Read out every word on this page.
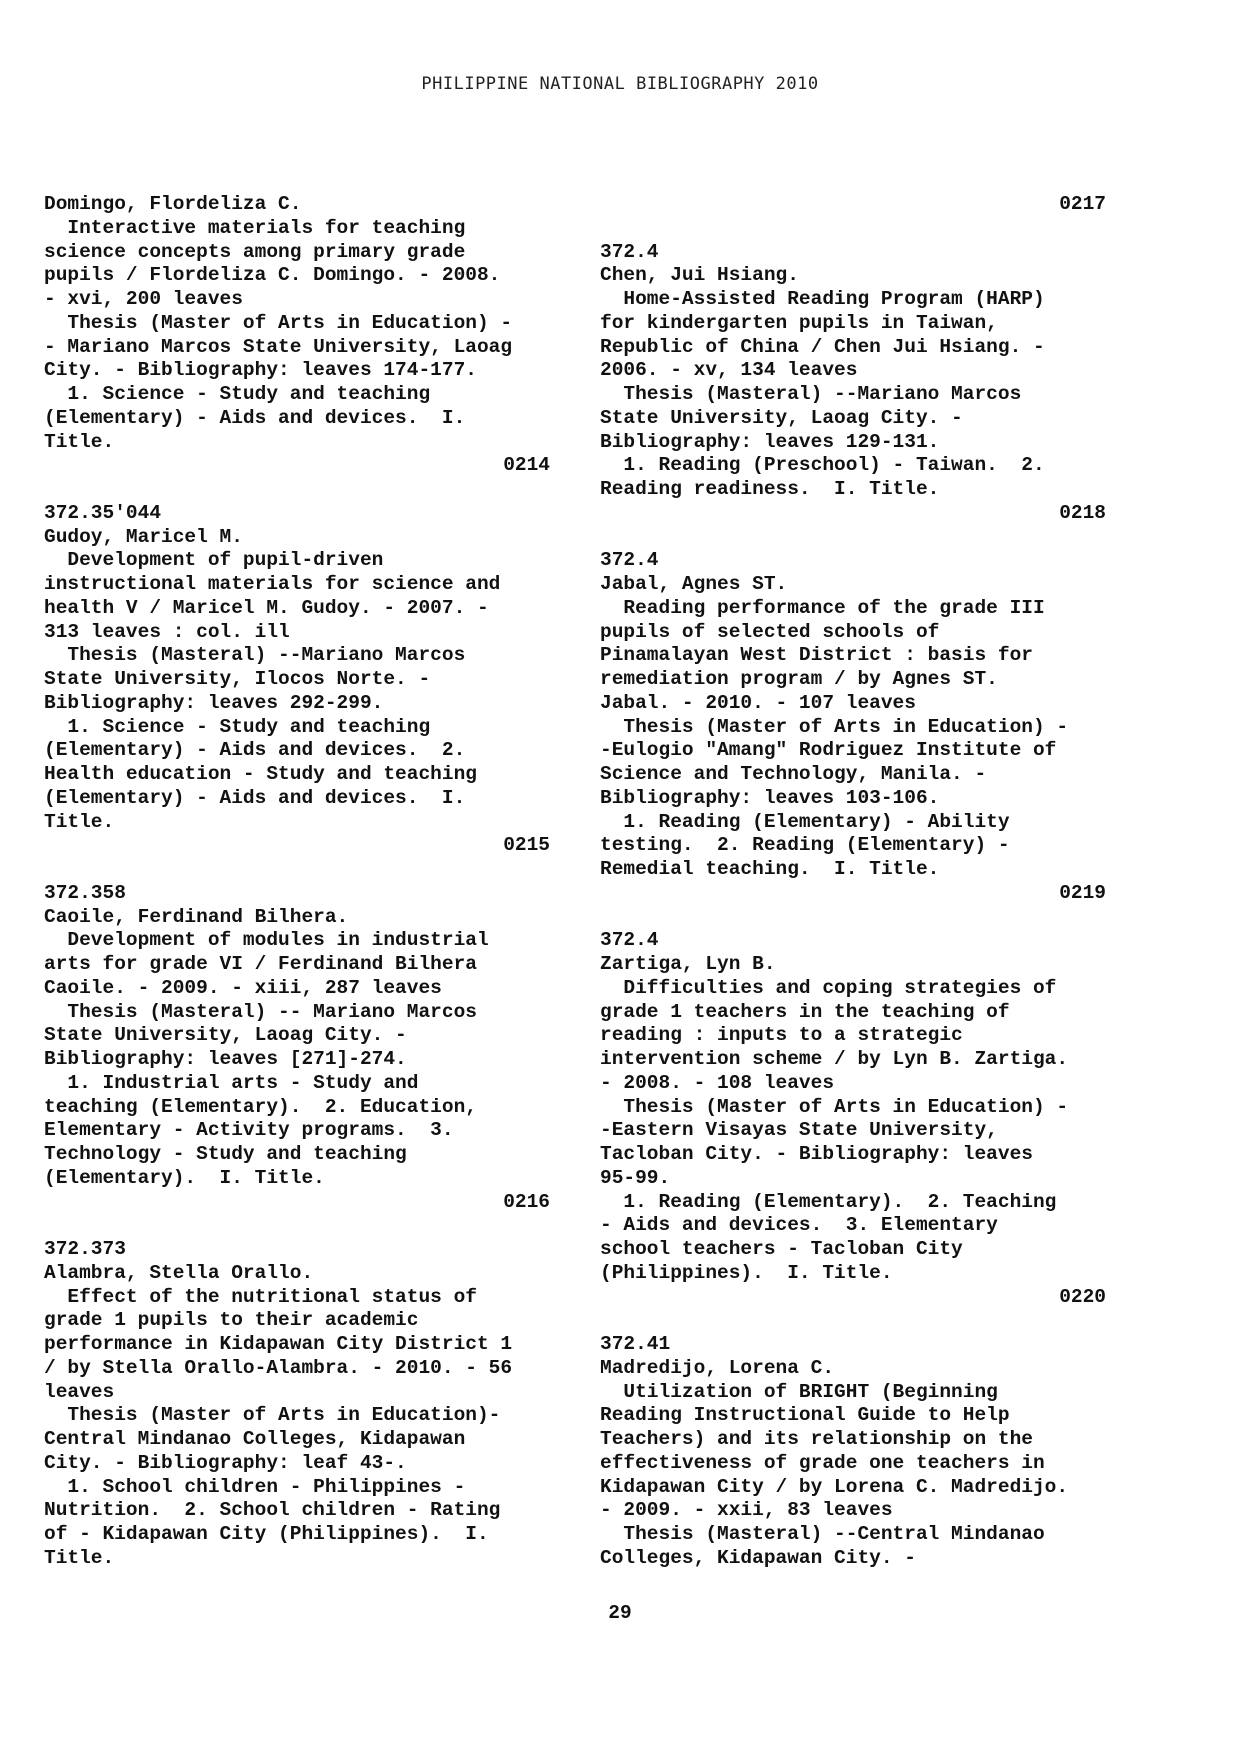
PHILIPPINE NATIONAL BIBLIOGRAPHY 2010
Domingo, Flordeliza C.
Interactive materials for teaching
science concepts among primary grade
pupils / Flordeliza C. Domingo. - 2008.
- xvi, 200 leaves
Thesis (Master of Arts in Education) -
- Mariano Marcos State University, Laoag
City. - Bibliography: leaves 174-177.
1. Science - Study and teaching
(Elementary) - Aids and devices.  I.
Title.
0214
372.35'044
Gudoy, Maricel M.
Development of pupil-driven
instructional materials for science and
health V / Maricel M. Gudoy. - 2007. -
313 leaves : col. ill
Thesis (Masteral) --Mariano Marcos
State University, Ilocos Norte. -
Bibliography: leaves 292-299.
1. Science - Study and teaching
(Elementary) - Aids and devices.  2.
Health education - Study and teaching
(Elementary) - Aids and devices.  I.
Title.
0215
372.358
Caoile, Ferdinand Bilhera.
Development of modules in industrial
arts for grade VI / Ferdinand Bilhera
Caoile. - 2009. - xiii, 287 leaves
Thesis (Masteral) -- Mariano Marcos
State University, Laoag City. -
Bibliography: leaves [271]-274.
1. Industrial arts - Study and
teaching (Elementary).  2. Education,
Elementary - Activity programs.  3.
Technology - Study and teaching
(Elementary).  I. Title.
0216
372.373
Alambra, Stella Orallo.
Effect of the nutritional status of
grade 1 pupils to their academic
performance in Kidapawan City District 1
/ by Stella Orallo-Alambra. - 2010. - 56
leaves
Thesis (Master of Arts in Education)-
Central Mindanao Colleges, Kidapawan
City. - Bibliography: leaf 43-.
1. School children - Philippines -
Nutrition.  2. School children - Rating
of - Kidapawan City (Philippines).  I.
Title.
0217
372.4
Chen, Jui Hsiang.
Home-Assisted Reading Program (HARP)
for kindergarten pupils in Taiwan,
Republic of China / Chen Jui Hsiang. -
2006. - xv, 134 leaves
Thesis (Masteral) --Mariano Marcos
State University, Laoag City. -
Bibliography: leaves 129-131.
1. Reading (Preschool) - Taiwan.  2.
Reading readiness.  I. Title.
0218
372.4
Jabal, Agnes ST.
Reading performance of the grade III
pupils of selected schools of
Pinamalayan West District : basis for
remediation program / by Agnes ST.
Jabal. - 2010. - 107 leaves
Thesis (Master of Arts in Education) -
-Eulogio "Amang" Rodriguez Institute of
Science and Technology, Manila. -
Bibliography: leaves 103-106.
1. Reading (Elementary) - Ability
testing.  2. Reading (Elementary) -
Remedial teaching.  I. Title.
0219
372.4
Zartiga, Lyn B.
Difficulties and coping strategies of
grade 1 teachers in the teaching of
reading : inputs to a strategic
intervention scheme / by Lyn B. Zartiga.
- 2008. - 108 leaves
Thesis (Master of Arts in Education) -
-Eastern Visayas State University,
Tacloban City. - Bibliography: leaves
95-99.
1. Reading (Elementary).  2. Teaching
- Aids and devices.  3. Elementary
school teachers - Tacloban City
(Philippines).  I. Title.
0220
372.41
Madredijo, Lorena C.
Utilization of BRIGHT (Beginning
Reading Instructional Guide to Help
Teachers) and its relationship on the
effectiveness of grade one teachers in
Kidapawan City / by Lorena C. Madredijo.
- 2009. - xxii, 83 leaves
Thesis (Masteral) --Central Mindanao
Colleges, Kidapawan City. -
29
